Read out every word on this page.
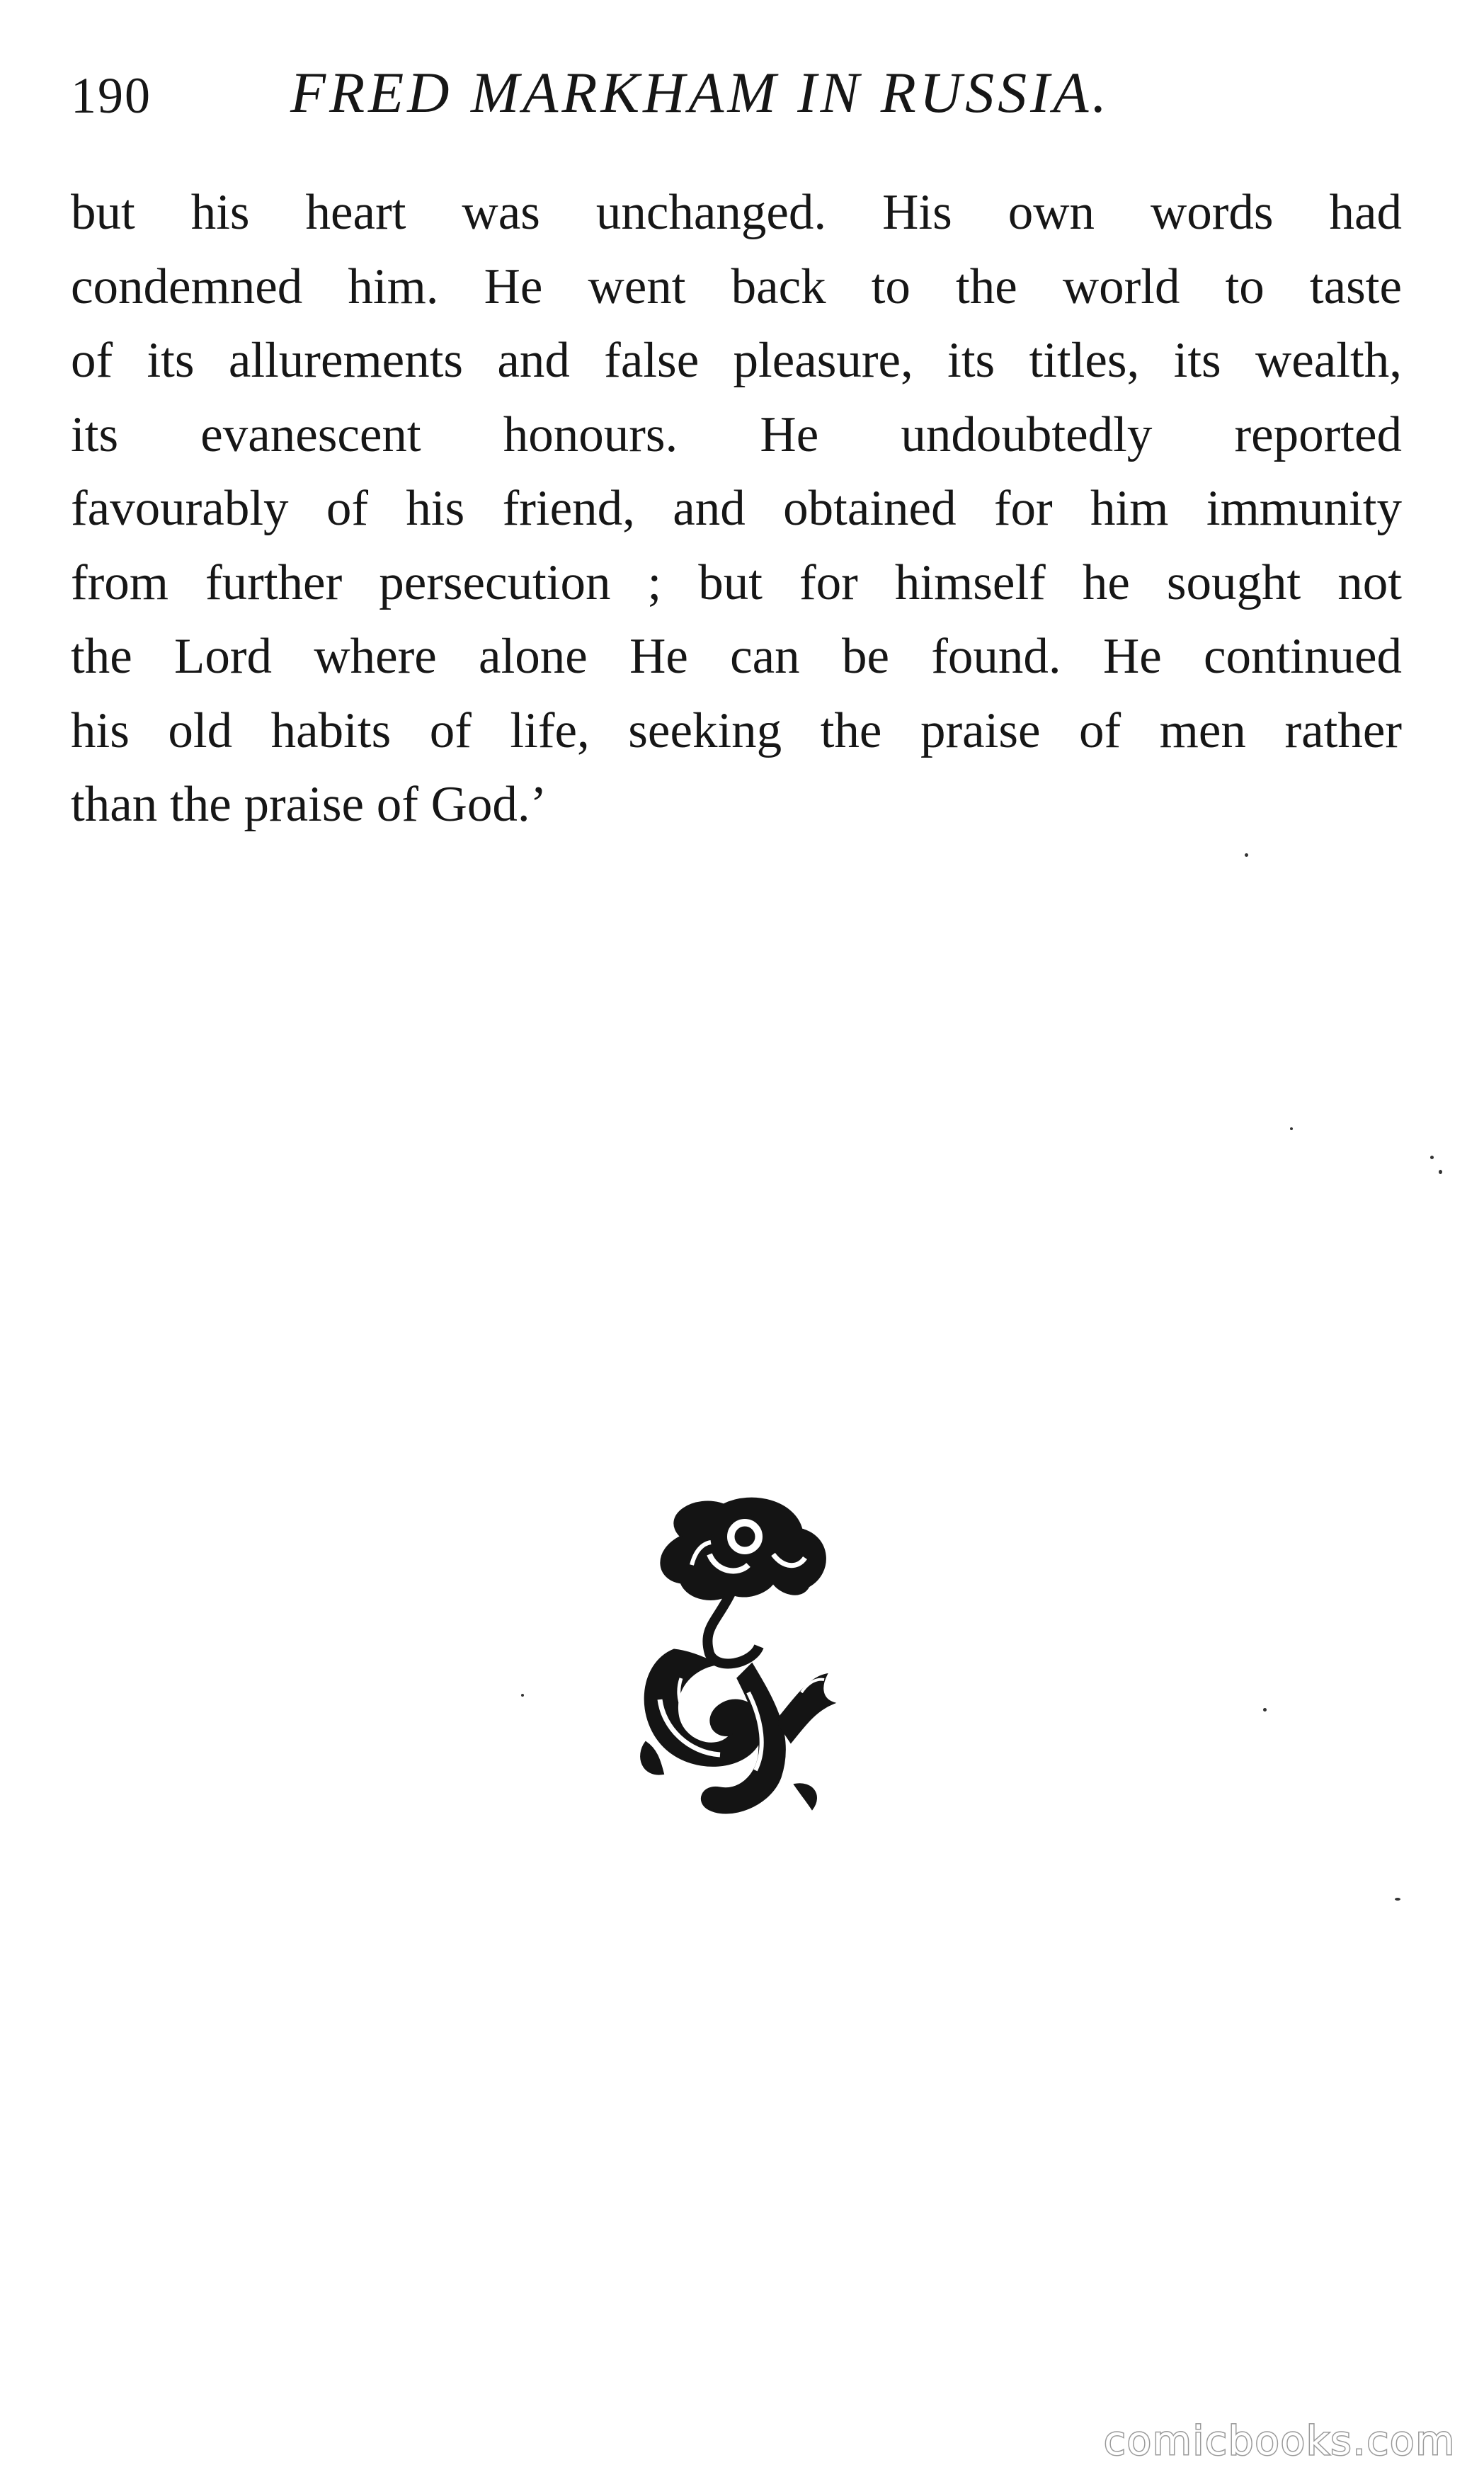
190 FRED MARKHAM IN RUSSIA.
but his heart was unchanged. His own words had
condemned him. He went back to the world to taste
of its allurements and false pleasure, its titles, its wealth,
its evanescent honours. He undoubtedly reported
favourably of his friend, and obtained for him immunity
from further persecution ; but for himself he sought not
the Lord where alone He can be found. He continued
his old habits of life, seeking the praise of men rather
than the praise of God.’
comicbooks.com
